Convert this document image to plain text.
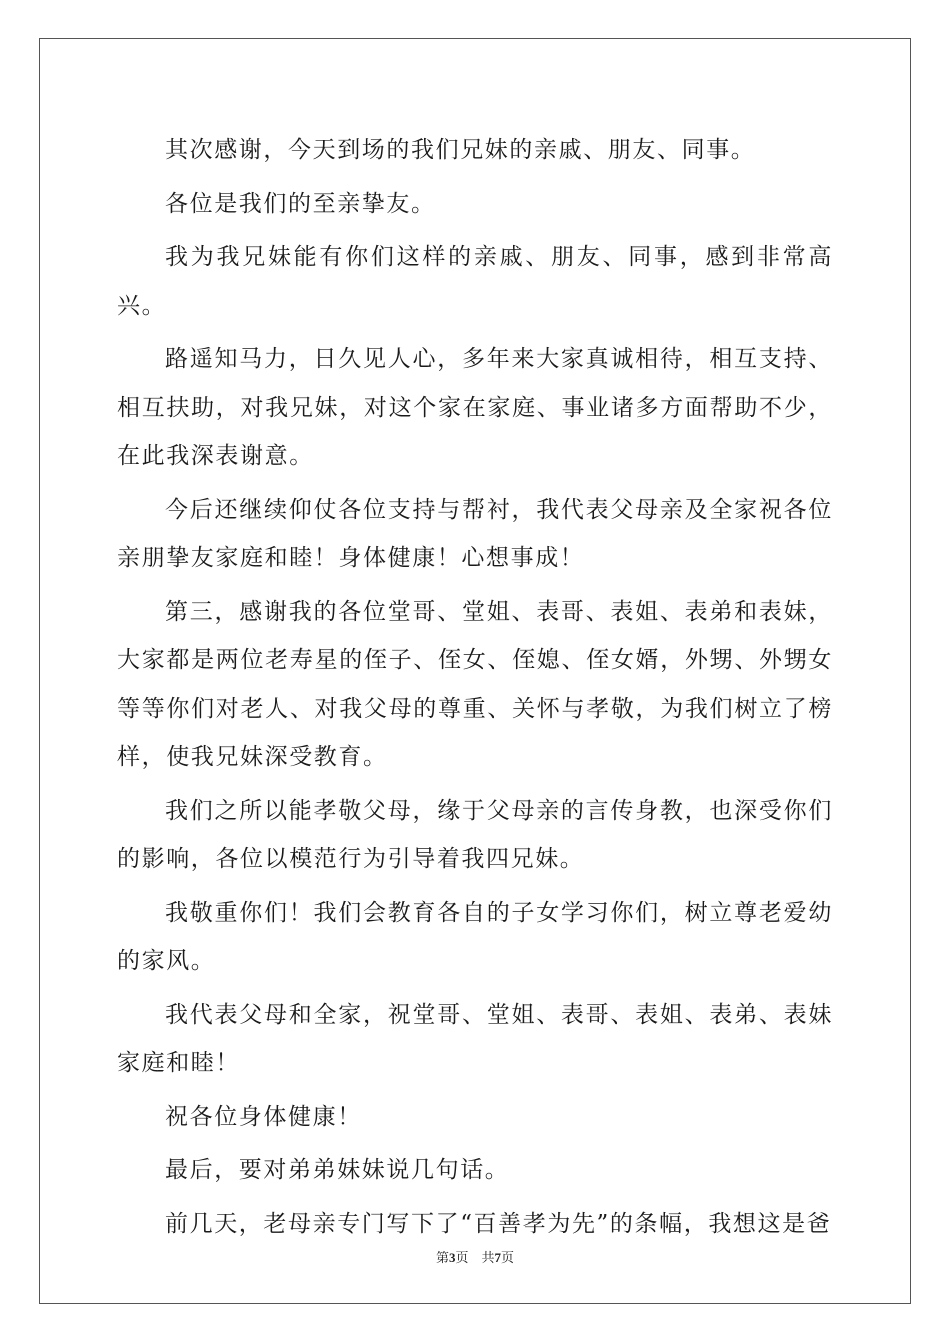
其次感谢，今天到场的我们兄妹的亲戚、朋友、同事。

各位是我们的至亲挚友。

我为我兄妹能有你们这样的亲戚、朋友、同事，感到非常高兴。

路遥知马力，日久见人心，多年来大家真诚相待，相互支持、相互扶助，对我兄妹，对这个家在家庭、事业诸多方面帮助不少，在此我深表谢意。

今后还继续仰仗各位支持与帮衬，我代表父母亲及全家祝各位亲朋挚友家庭和睦！身体健康！心想事成！

第三，感谢我的各位堂哥、堂姐、表哥、表姐、表弟和表妹，大家都是两位老寿星的侄子、侄女、侄媳、侄女婿，外甥、外甥女等等你们对老人、对我父母的尊重、关怀与孝敬，为我们树立了榜样，使我兄妹深受教育。

我们之所以能孝敬父母，缘于父母亲的言传身教，也深受你们的影响，各位以模范行为引导着我四兄妹。

我敬重你们！我们会教育各自的子女学习你们，树立尊老爱幼的家风。

我代表父母和全家，祝堂哥、堂姐、表哥、表姐、表弟、表妹家庭和睦！

祝各位身体健康！

最后，要对弟弟妹妹说几句话。

前几天，老母亲专门写下了“百善孝为先”的条幅，我想这是爸

第3页　共7页
